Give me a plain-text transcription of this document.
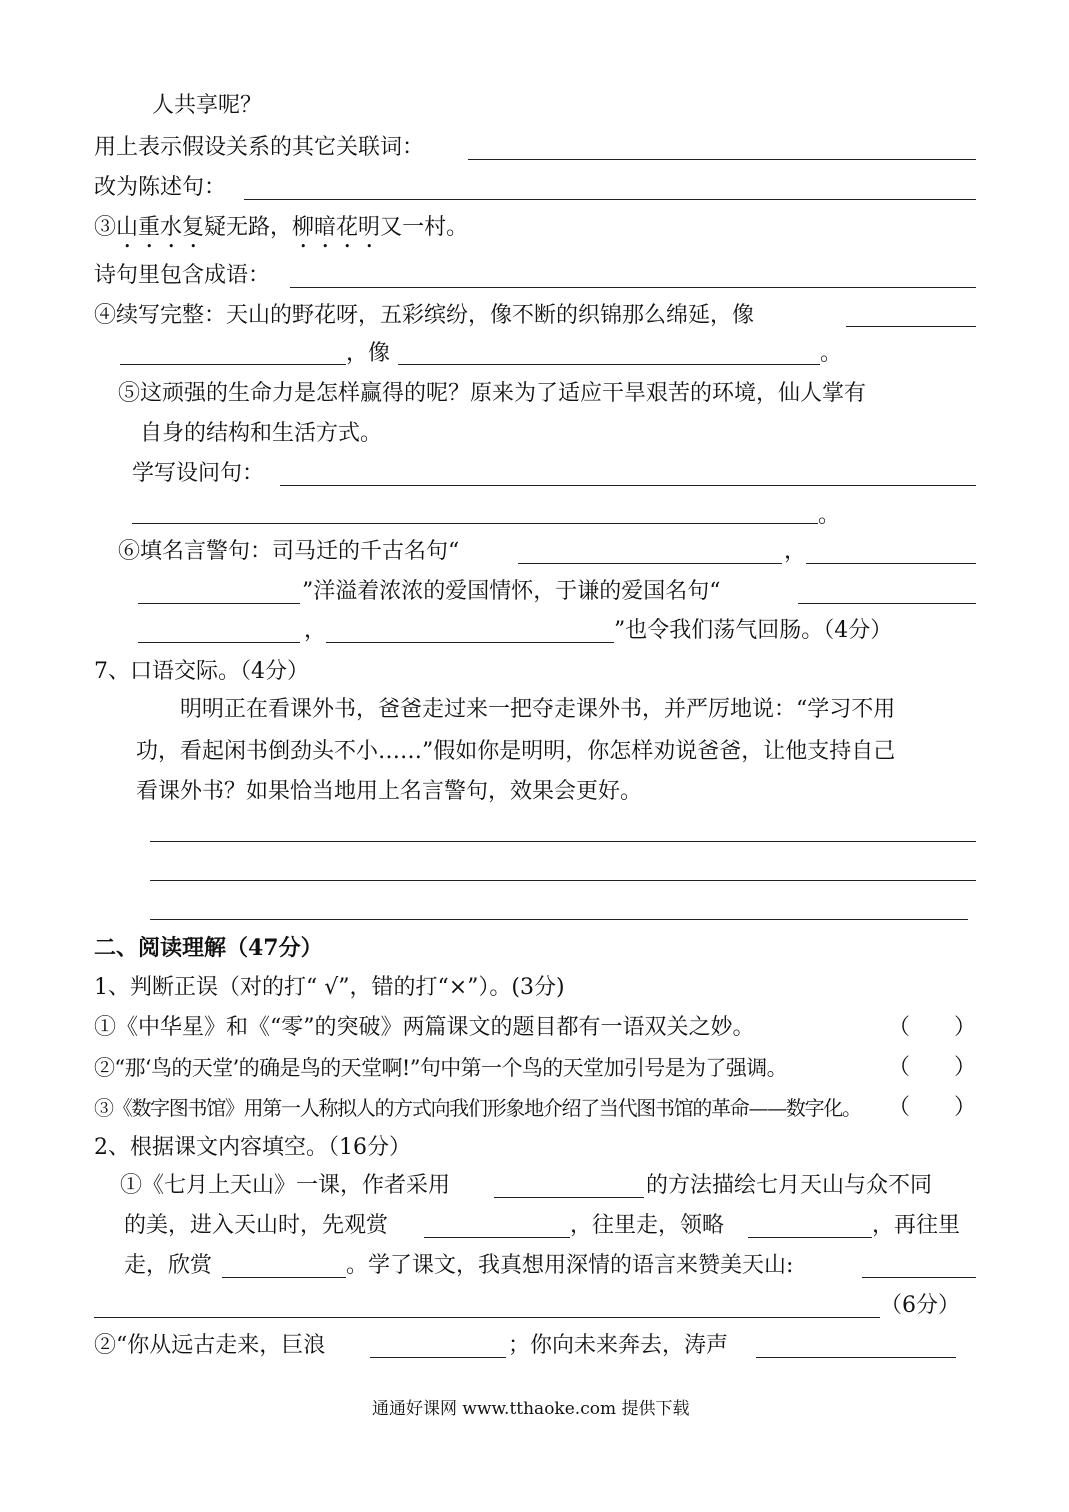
人共享呢？
用上表示假设关系的其它关联词：
改为陈述句：
③山重水复疑无路，柳暗花明又一村。
诗句里包含成语：
④续写完整：天山的野花呀，五彩缤纷，像不断的织锦那么绵延，像
，像	。
⑤这顽强的生命力是怎样赢得的呢？原来为了适应干旱艰苦的环境，仙人掌有
自身的结构和生活方式。
学写设问句：
。
⑥填名言警句：司马迁的千古名句“	，
”洋溢着浓浓的爱国情怀，于谦的爱国名句“
，	”也令我们荡气回肠。（4分）
7、口语交际。（4分）
明明正在看课外书，爸爸走过来一把夺走课外书，并严厉地说：“学习不用
功，看起闲书倒劲头不小……”假如你是明明，你怎样劝说爸爸，让他支持自己
看课外书？如果恰当地用上名言警句，效果会更好。
二、阅读理解（47分）
1、判断正误（对的打“ √”，错的打“×”）。(3分)
①《中华星》和《“零”的突破》两篇课文的题目都有一语双关之妙。	（　　）
②“那‘鸟的天堂’的确是鸟的天堂啊!”句中第一个鸟的天堂加引号是为了强调。	（　　）
③《数字图书馆》用第一人称拟人的方式向我们形象地介绍了当代图书馆的革命——数字化。 （　　）
2、根据课文内容填空。（16分）
①《七月上天山》一课，作者采用	的方法描绘七月天山与众不同
的美，进入天山时，先观赏	，往里走，领略	，再往里
走，欣赏	。学了课文，我真想用深情的语言来赞美天山:
（6分）
②“你从远古走来，巨浪	；你向未来奔去，涛声
通通好课网 www.tthaoke.com 提供下载
